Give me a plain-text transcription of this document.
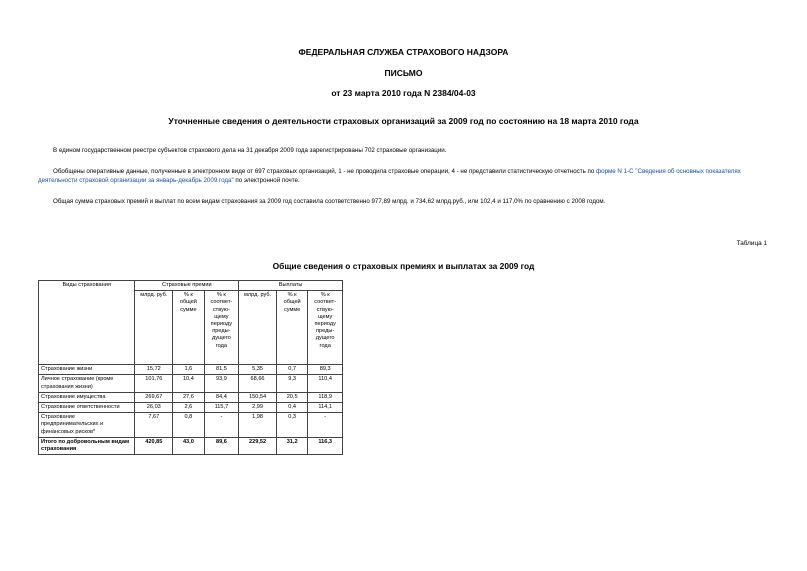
ФЕДЕРАЛЬНАЯ СЛУЖБА СТРАХОВОГО НАДЗОРА
ПИСЬМО
от 23 марта 2010 года N 2384/04-03
Уточненные сведения о деятельности страховых организаций за 2009 год по состоянию на 18 марта 2010 года
В едином государственном реестре субъектов страхового дела на 31 декабря 2009 года зарегистрированы 702 страховые организации.
Обобщены оперативные данные, полученные в электронном виде от 697 страховых организаций, 1 - не проводила страховые операции, 4 - не представили статистическую отчетность по форме N 1-С "Сведения об основных показателях деятельности страховой организации за январь-декабрь 2009 года" по электронной почте.
Общая сумма страховых премий и выплат по всем видам страхования за 2009 год составила соответственно 977,89 млрд. и 734,62 млрд.руб., или 102,4 и 117,0% по сравнению с 2008 годом.
Таблица 1
Общие сведения о страховых премиях и выплатах за 2009 год
Виды страхования	Страховые премии			Выплаты		
	млрд. руб.	% к общей сумме	% к соответ-ствую-щему периоду преды-дущего года	млрд. руб.	% к общей сумме	% к соответ-ствую-щему периоду преды-дущего года
Страхование жизни	15,72	1,6	81,5	5,35	0,7	89,3
Личное страхование (кроме страхования жизни)	101,76	10,4	93,9	68,66	9,3	110,4
Страхование имущества	269,67	27,6	84,4	150,54	20,5	118,9
Страхование ответственности	26,03	2,6	115,7	2,99	0,4	114,1
Страхование предпринимательских и финансовых рисков*	7,67	0,8	-	1,98	0,3	-
Итого по добровольным видам страхования	420,85	43,0	89,6	229,52	31,2	116,3
